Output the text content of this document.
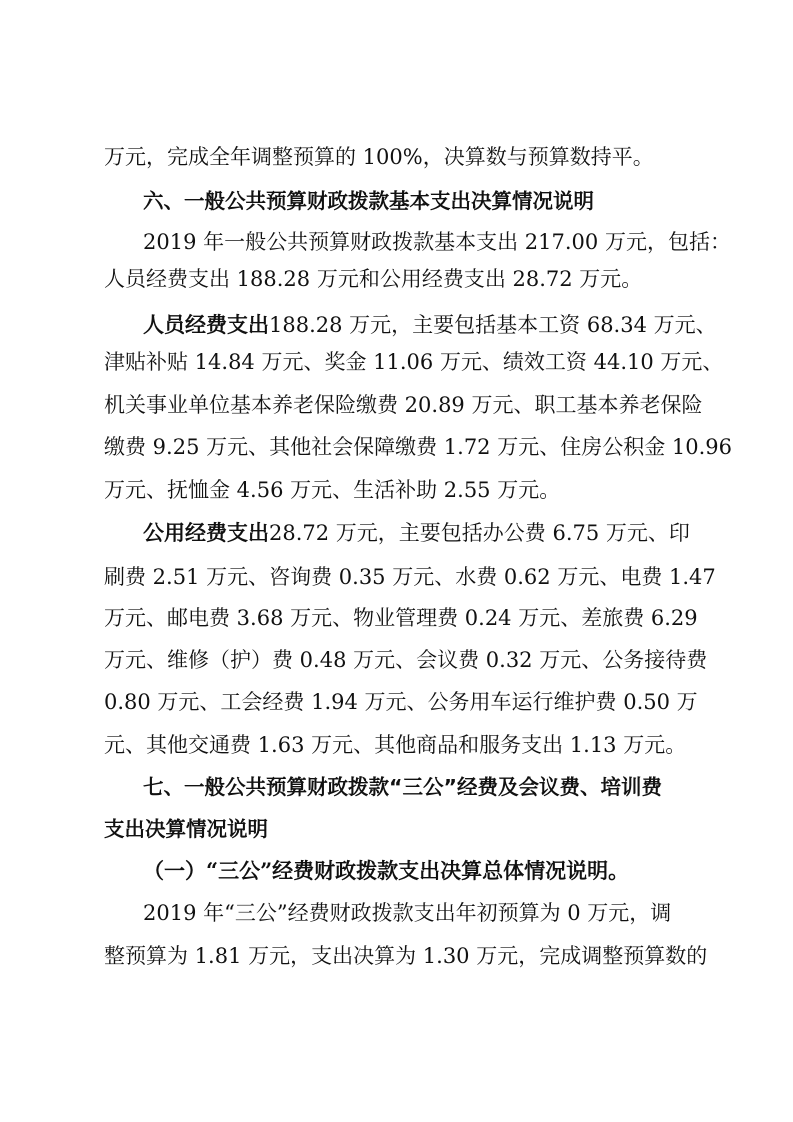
万元，完成全年调整预算的 100%，决算数与预算数持平。
六、一般公共预算财政拨款基本支出决算情况说明
2019 年一般公共预算财政拨款基本支出 217.00 万元，包括：
人员经费支出 188.28 万元和公用经费支出 28.72 万元。
人员经费支出188.28 万元，主要包括基本工资 68.34 万元、
津贴补贴 14.84 万元、奖金 11.06 万元、绩效工资 44.10 万元、
机关事业单位基本养老保险缴费 20.89 万元、职工基本养老保险
缴费 9.25 万元、其他社会保障缴费 1.72 万元、住房公积金 10.96
万元、抚恤金 4.56 万元、生活补助 2.55 万元。
公用经费支出28.72 万元，主要包括办公费 6.75 万元、印
刷费 2.51 万元、咨询费 0.35 万元、水费 0.62 万元、电费 1.47
万元、邮电费 3.68 万元、物业管理费 0.24 万元、差旅费 6.29
万元、维修（护）费 0.48 万元、会议费 0.32 万元、公务接待费
0.80 万元、工会经费 1.94 万元、公务用车运行维护费 0.50 万
元、其他交通费 1.63 万元、其他商品和服务支出 1.13 万元。
七、一般公共预算财政拨款“三公”经费及会议费、培训费
支出决算情况说明
（一）“三公”经费财政拨款支出决算总体情况说明。
2019 年“三公”经费财政拨款支出年初预算为 0 万元，调
整预算为 1.81 万元，支出决算为 1.30 万元，完成调整预算数的
